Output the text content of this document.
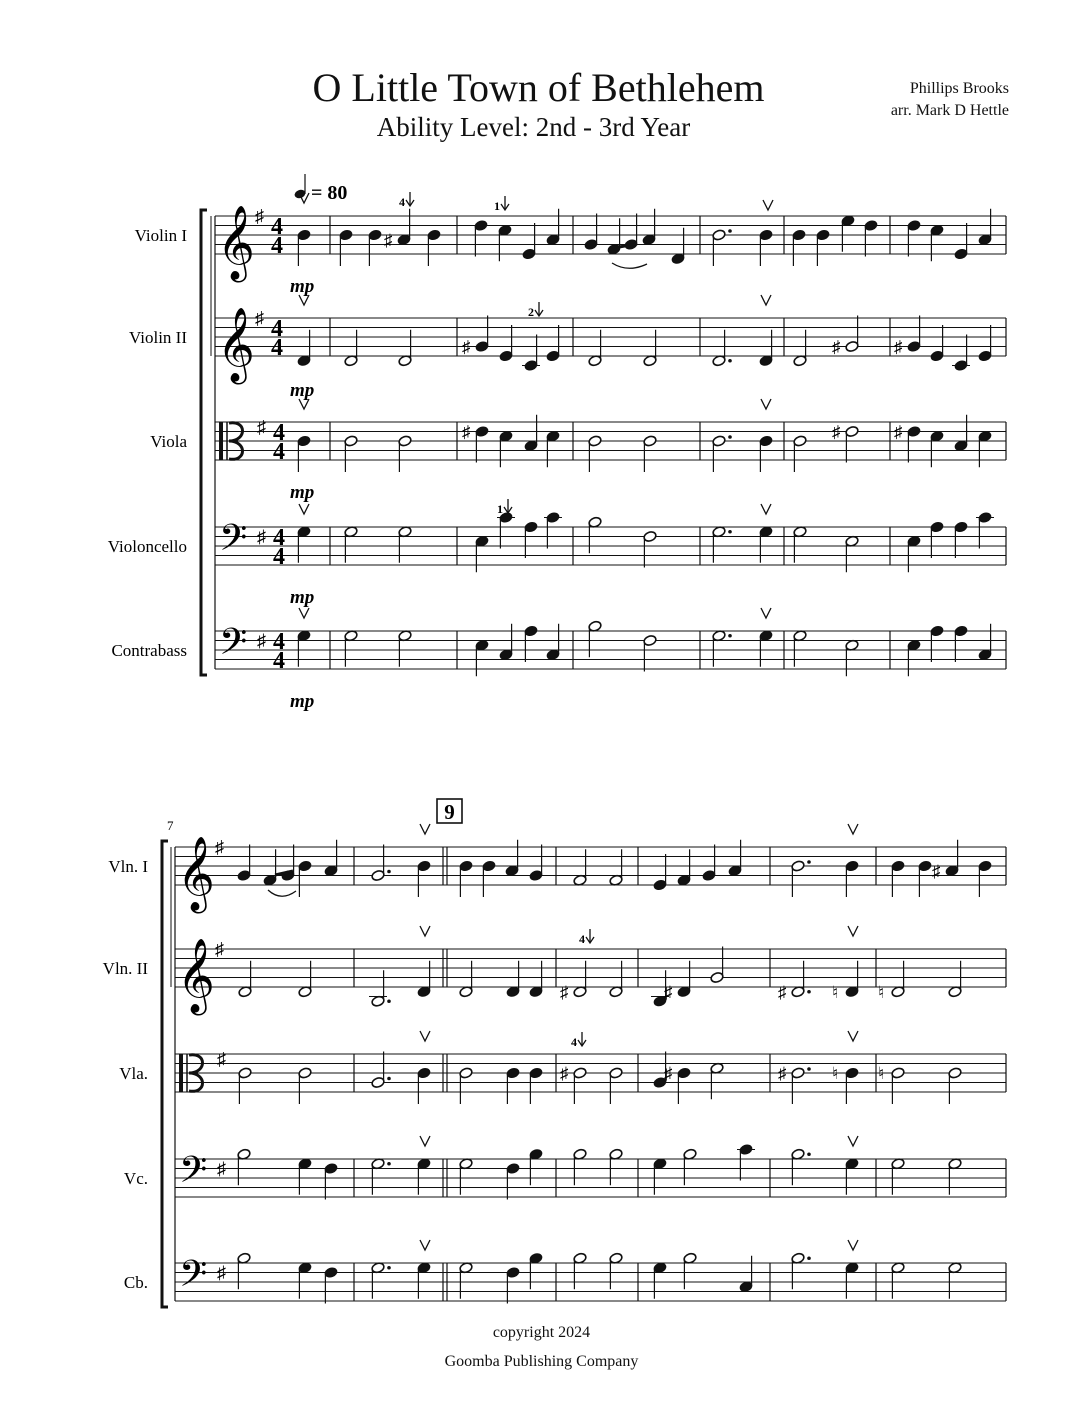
O Little Town of Bethlehem
Ability Level: 2nd - 3rd Year
Phillips Brooks
arr. Mark D Hettle
𝄞 ♯ 4
4	♯
Violin I
mp
𝄞 ♯ 4
4	♯	♯	♯
Violin II
mp
♯ 4
4
♯	♯	♯
Viola
mp
𝄢 ♯ 4
4
Violoncello
mp
𝄢 ♯ 4
4
Contrabass
mp
4	1
2
1
= 80
𝄞 ♯
♯
Vln. I
𝄞 ♯
♯	♯	♯	♮ ♮
Vln. II
♯
♯	♯	♯	♮ ♮
Vla.
𝄢 ♯
Vc.
𝄢 ♯
Cb.
4
4
9
7
copyright 2024
Goomba Publishing Company
